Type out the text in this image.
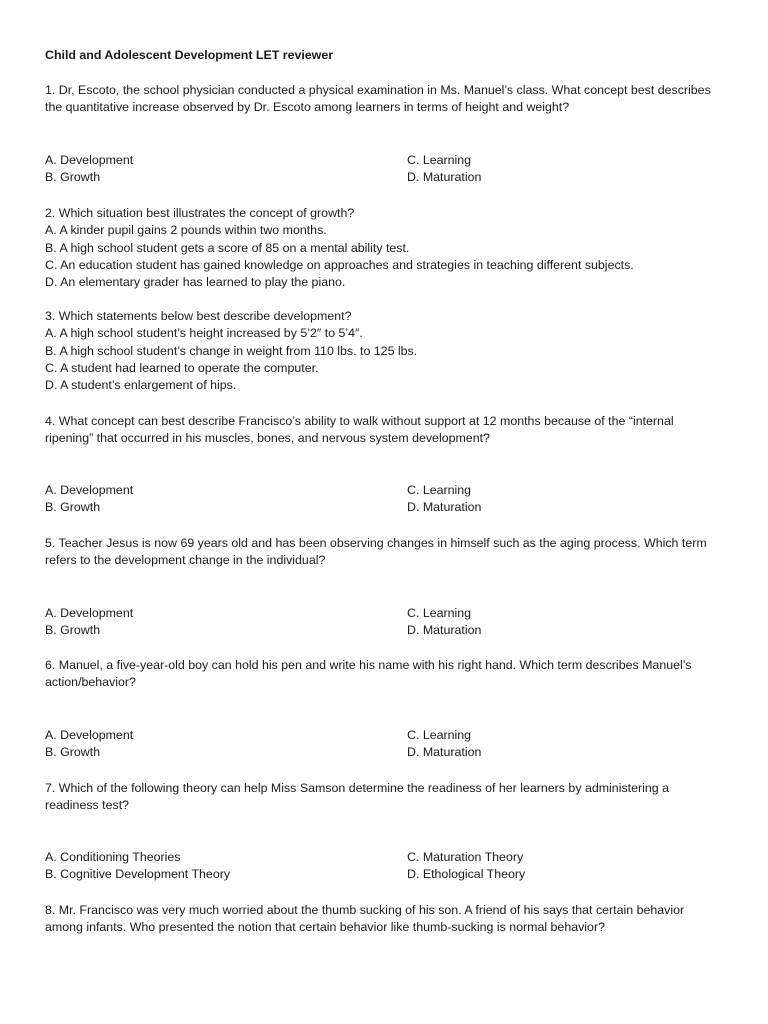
Child and Adolescent Development LET reviewer
1. Dr, Escoto, the school physician conducted a physical examination in Ms. Manuel’s class. What concept best describes
the quantitative increase observed by Dr. Escoto among learners in terms of height and weight?
A. Development
B. Growth
C. Learning
D. Maturation
2. Which situation best illustrates the concept of growth?
A. A kinder pupil gains 2 pounds within two months.
B. A high school student gets a score of 85 on a mental ability test.
C. An education student has gained knowledge on approaches and strategies in teaching different subjects.
D. An elementary grader has learned to play the piano.
3. Which statements below best describe development?
A. A high school student’s height increased by 5’2″ to 5’4″.
B. A high school student’s change in weight from 110 lbs. to 125 lbs.
C. A student had learned to operate the computer.
D. A student’s enlargement of hips.
4. What concept can best describe Francisco’s ability to walk without support at 12 months because of the “internal
ripening” that occurred in his muscles, bones, and nervous system development?
A. Development
B. Growth
C. Learning
D. Maturation
5. Teacher Jesus is now 69 years old and has been observing changes in himself such as the aging process. Which term
refers to the development change in the individual?
A. Development
B. Growth
C. Learning
D. Maturation
6. Manuel, a five-year-old boy can hold his pen and write his name with his right hand. Which term describes Manuel’s
action/behavior?
A. Development
B. Growth
C. Learning
D. Maturation
7. Which of the following theory can help Miss Samson determine the readiness of her learners by administering a
readiness test?
A. Conditioning Theories
B. Cognitive Development Theory
C. Maturation Theory
D. Ethological Theory
8. Mr. Francisco was very much worried about the thumb sucking of his son. A friend of his says that certain behavior
among infants. Who presented the notion that certain behavior like thumb-sucking is normal behavior?
